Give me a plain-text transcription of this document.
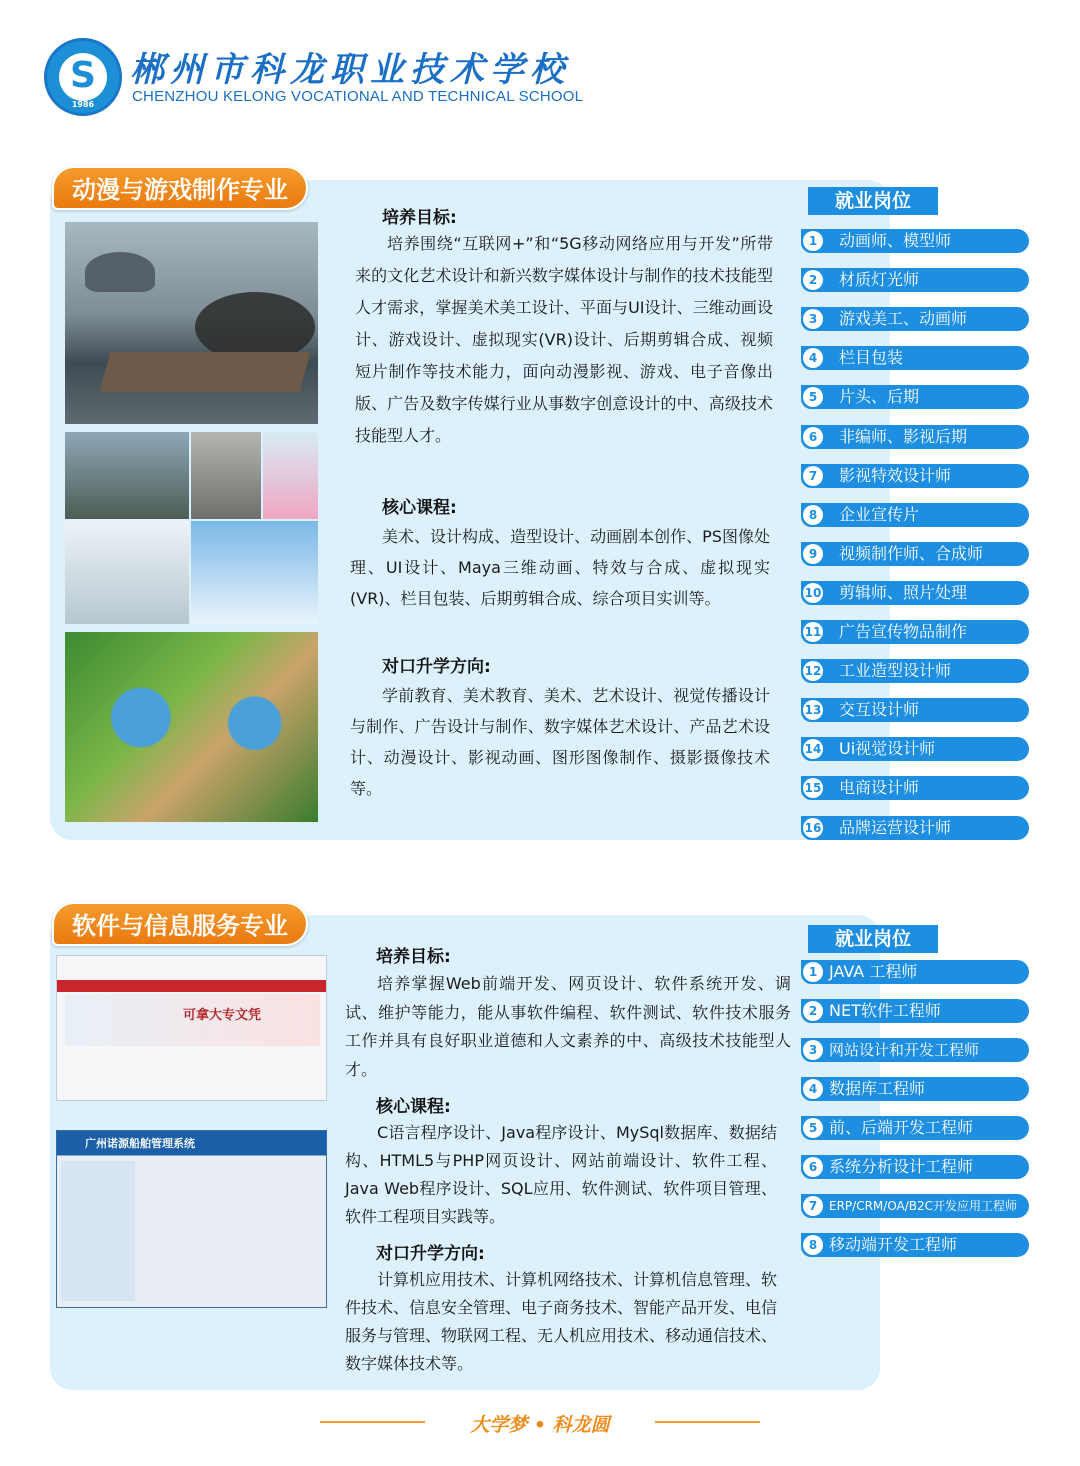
S
1986
郴州市科龙职业技术学校
CHENZHOU KELONG VOCATIONAL AND TECHNICAL SCHOOL
动漫与游戏制作专业
培养目标:
培养围绕“互联网+”和“5G移动网络应用与开发”所带来的文化艺术设计和新兴数字媒体设计与制作的技术技能型人才需求，掌握美术美工设计、平面与UI设计、三维动画设计、游戏设计、虚拟现实(VR)设计、后期剪辑合成、视频短片制作等技术能力，面向动漫影视、游戏、电子音像出版、广告及数字传媒行业从事数字创意设计的中、高级技术技能型人才。
核心课程:
美术、设计构成、造型设计、动画剧本创作、PS图像处理、UI设计、Maya三维动画、特效与合成、虚拟现实(VR)、栏目包装、后期剪辑合成、综合项目实训等。
对口升学方向:
学前教育、美术教育、美术、艺术设计、视觉传播设计与制作、广告设计与制作、数字媒体艺术设计、产品艺术设计、动漫设计、影视动画、图形图像制作、摄影摄像技术等。
就业岗位
1	动画师、模型师
2	材质灯光师
3	游戏美工、动画师
4	栏目包装
5	片头、后期
6	非编师、影视后期
7	影视特效设计师
8	企业宣传片
9	视频制作师、合成师
10 剪辑师、照片处理
11 广告宣传物品制作
12 工业造型设计师
13 交互设计师
14 Ui视觉设计师
15 电商设计师
16 品牌运营设计师
软件与信息服务专业
可拿大专文凭
广州诺源船舶管理系统
培养目标:
培养掌握Web前端开发、网页设计、软件系统开发、调试、维护等能力，能从事软件编程、软件测试、软件技术服务工作并具有良好职业道德和人文素养的中、高级技术技能型人才。
核心课程:
C语言程序设计、Java程序设计、MySql数据库、数据结构、HTML5与PHP网页设计、网站前端设计、软件工程、Java Web程序设计、SQL应用、软件测试、软件项目管理、软件工程项目实践等。
对口升学方向:
计算机应用技术、计算机网络技术、计算机信息管理、软件技术、信息安全管理、电子商务技术、智能产品开发、电信服务与管理、物联网工程、无人机应用技术、移动通信技术、数字媒体技术等。
就业岗位
1 JAVA 工程师
2 NET软件工程师
3 网站设计和开发工程师
4 数据库工程师
5 前、后端开发工程师
6 系统分析设计工程师
7 ERP/CRM/OA/B2C开发应用工程师
8 移动端开发工程师
大学梦 • 科龙圆
